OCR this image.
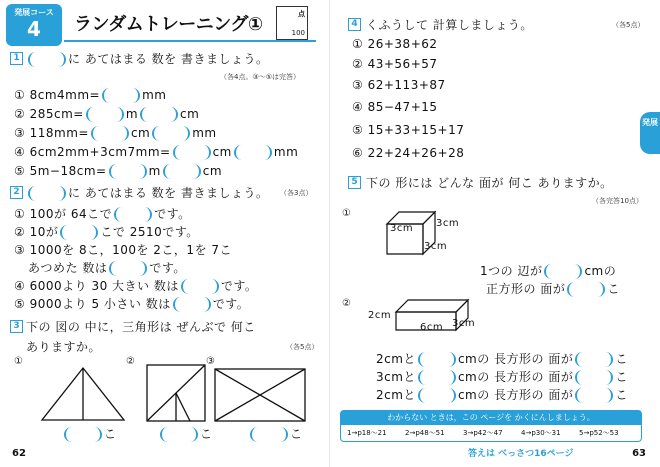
発展コース
4	ランダムトレーニング①	点
100
1	に あてはまる 数を 書きましょう。
（各4点。③～⑤は完答）
① 8cm4mm=	mm
② 285cm=	m	cm
③ 118mm=	cm	mm
④ 6cm2mm+3cm7mm=	cm	mm
⑤ 5m−18cm=	m	cm
2	に あてはまる 数を 書きましょう。 （各3点）
① 100が 64こで	です。
② 10が	こで 2510です。
③ 1000を 8こ，100を 2こ，1を 7こ
あつめた 数は	です。
④ 6000より 30 大きい 数は	です。
⑤ 9000より 5 小さい 数は	です。
3 下の 図の 中に，三角形は ぜんぶで 何こ
ありますか。	（各5点）
①
こ
②
こ
③
こ
62
4 くふうして 計算しましょう。	（各5点）
① 26+38+62
② 43+56+57
③ 62+113+87
④ 85−47+15
⑤ 15+33+15+17
⑥ 22+24+26+28
5 下の 形には どんな 面が 何こ ありますか。
（各完答10点）
①
3cm 3cm
3cm
1つの 辺が	cmの
正方形の 面が	こ
②
2cm
6cm 3cm
2cmと	cmの 長方形の 面が	こ
3cmと	cmの 長方形の 面が	こ
2cmと	cmの 長方形の 面が	こ
発展
わからない ときは，この ページを かくにんしましょう。
1→p18～21	2→p48～51	3→p42～47	4→p30～31	5→p52～53
答えは べっさつ16ページ	63
